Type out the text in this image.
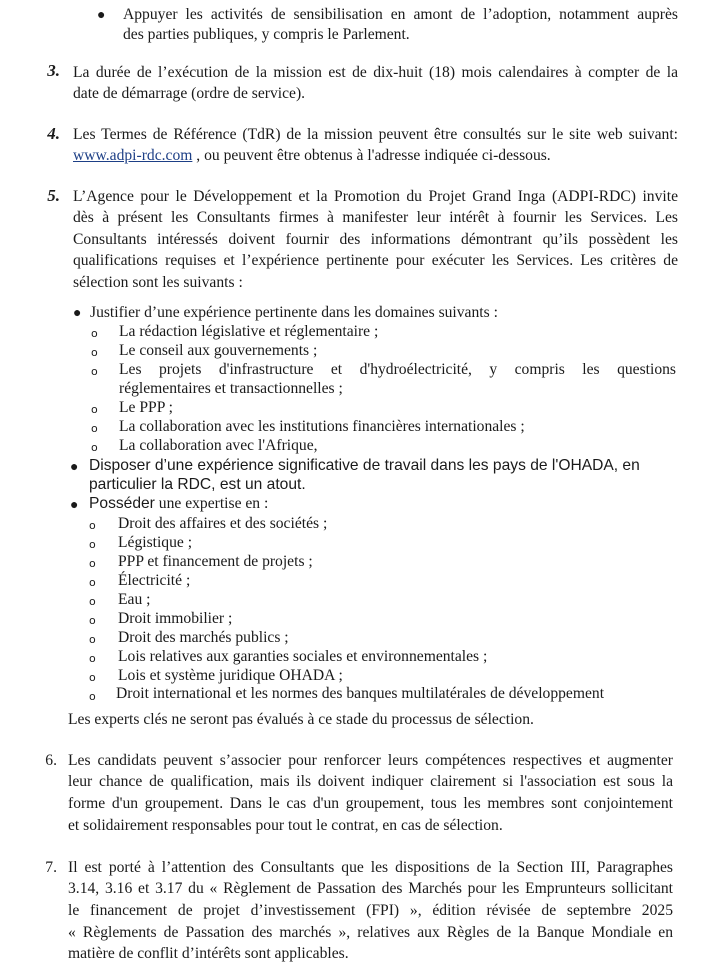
● Appuyer les activités de sensibilisation en amont de l’adoption, notamment auprès

des parties publiques, y compris le Parlement.

3. La durée de l’exécution de la mission est de dix-huit (18) mois calendaires à compter de la

date de démarrage (ordre de service).

4. Les Termes de Référence (TdR) de la mission peuvent être consultés sur le site web suivant:

www.adpi-rdc.com , ou peuvent être obtenus à l'adresse indiquée ci-dessous.

5. L’Agence pour le Développement et la Promotion du Projet Grand Inga (ADPI-RDC) invite

dès à présent les Consultants firmes à manifester leur intérêt à fournir les Services. Les

Consultants intéressés doivent fournir des informations démontrant qu’ils possèdent les

qualifications requises et l’expérience pertinente pour exécuter les Services. Les critères de

sélection sont les suivants :

● Justifier d’une expérience pertinente dans les domaines suivants :

o La rédaction législative et réglementaire ;

o Le conseil aux gouvernements ;

o Les projets d'infrastructure et d'hydroélectricité, y compris les questions

réglementaires et transactionnelles ;

o Le PPP ;

o La collaboration avec les institutions financières internationales ;

o La collaboration avec l'Afrique,

● Disposer d’une expérience significative de travail dans les pays de l'OHADA, en

particulier la RDC, est un atout.

● Posséder une expertise en :

o Droit des affaires et des sociétés ;

o Légistique ;

o PPP et financement de projets ;

o Électricité ;

o Eau ;

o Droit immobilier ;

o Droit des marchés publics ;

o Lois relatives aux garanties sociales et environnementales ;

o Lois et système juridique OHADA ;

o Droit international et les normes des banques multilatérales de développement

Les experts clés ne seront pas évalués à ce stade du processus de sélection.

6. Les candidats peuvent s’associer pour renforcer leurs compétences respectives et augmenter

leur chance de qualification, mais ils doivent indiquer clairement si l'association est sous la

forme d'un groupement. Dans le cas d'un groupement, tous les membres sont conjointement

et solidairement responsables pour tout le contrat, en cas de sélection.

7. Il est porté à l’attention des Consultants que les dispositions de la Section III, Paragraphes

3.14, 3.16 et 3.17 du « Règlement de Passation des Marchés pour les Emprunteurs sollicitant

le financement de projet d’investissement (FPI) », édition révisée de septembre 2025

« Règlements de Passation des marchés », relatives aux Règles de la Banque Mondiale en

matière de conflit d’intérêts sont applicables.
